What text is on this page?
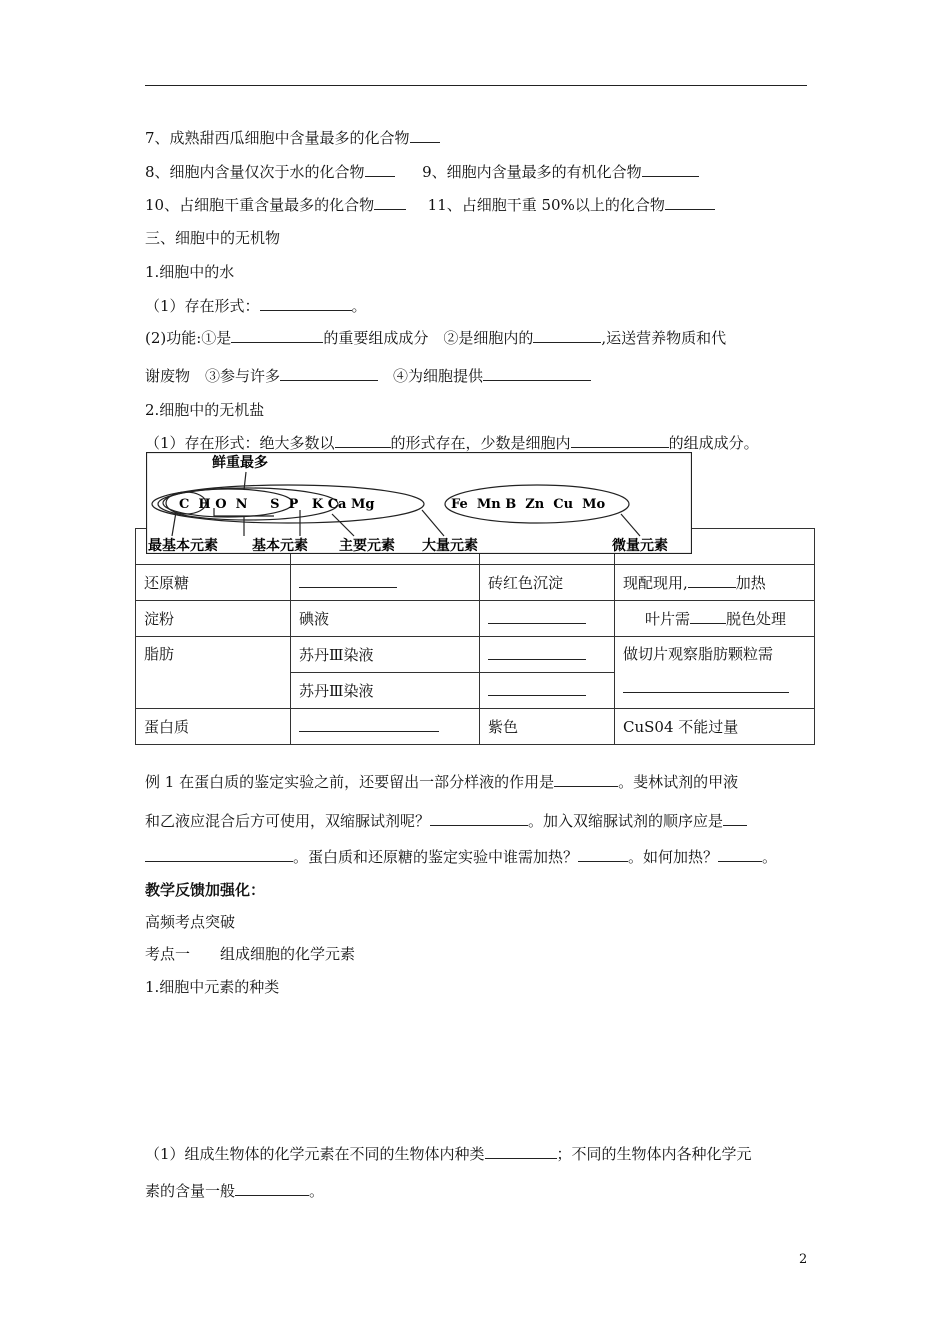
7、成熟甜西瓜细胞中含量最多的化合物
8、细胞内含量仅次于水的化合物	9、细胞内含量最多的有机化合物
10、占细胞干重含量最多的化合物	11、占细胞干重 50%以上的化合物
三、细胞中的无机物
1.细胞中的水
（1）存在形式：	。
(2)功能:①是	的重要组成成分　②是细胞内的	,运送营养物质和代
谢废物　③参与许多	　④为细胞提供
2.细胞中的无机盐
（1）存在形式：绝大多数以	的形式存在，少数是细胞内	的组成成分。

还原糖		砖红色沉淀	现配现用, 加热
淀粉	碘液		叶片需 脱色处理
脂肪	苏丹Ⅲ染液		做切片观察脂肪颗粒需

	苏丹Ⅲ染液		
蛋白质		紫色	CuS04 不能过量
鲜重最多
C  H O  N     S  P   K Ca Mg	Fe  Mn B  Zn  Cu  Mo
最基本元素 基本元素 主要元素 大量元素	微量元素
例 1 在蛋白质的鉴定实验之前，还要留出一部分样液的作用是	。斐林试剂的甲液
和乙液应混合后方可使用，双缩脲试剂呢？	。加入双缩脲试剂的顺序应是
。蛋白质和还原糖的鉴定实验中谁需加热？	。如何加热？	。
教学反馈加强化：
高频考点突破
考点一　　组成细胞的化学元素
1.细胞中元素的种类
（1）组成生物体的化学元素在不同的生物体内种类	；不同的生物体内各种化学元
素的含量一般	。
2
